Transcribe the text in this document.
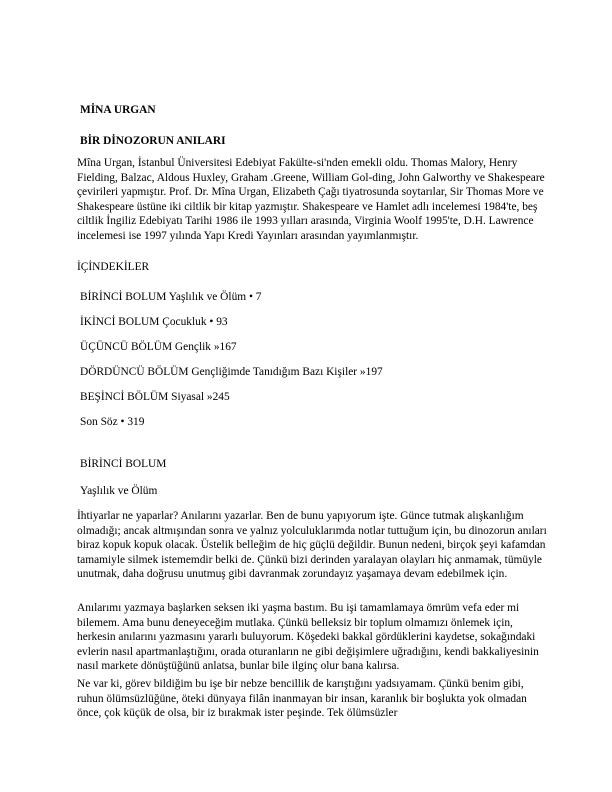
MİNA URGAN

BİR DİNOZORUN ANILARI

Mîna Urgan, İstanbul Üniversitesi Edebiyat Fakülte-si'nden emekli oldu. Thomas Malory, Henry Fielding, Balzac, Aldous Huxley, Graham .Greene, William Gol-ding, John Galworthy ve Shakespeare çevirileri yapmıştır. Prof. Dr. Mîna Urgan, Elizabeth Çağı tiyatrosunda soytarılar, Sir Thomas More ve Shakespeare üstüne iki ciltlik bir kitap yazmıştır. Shakespeare ve Hamlet adlı incelemesi 1984'te, beş ciltlik İngiliz Edebiyatı Tarihi 1986 ile 1993 yılları arasında, Virginia Woolf 1995'te, D.H. Lawrence incelemesi ise 1997 yılında Yapı Kredi Yayınları arasından yayımlanmıştır.

İÇİNDEKİLER

BİRİNCİ BOLUM Yaşlılık ve Ölüm • 7

İKİNCİ BOLUM Çocukluk • 93

ÜÇÜNCÜ BÖLÜM Gençlik »167

DÖRDÜNCÜ BÖLÜM Gençliğimde Tanıdığım Bazı Kişiler »197

BEŞİNCİ BÖLÜM Siyasal »245

Son Söz • 319

BİRİNCİ BOLUM

Yaşlılık ve Ölüm

İhtiyarlar ne yaparlar? Anılarını yazarlar. Ben de bunu yapıyorum işte. Günce tutmak alışkanlığım olmadığı; ancak altmışından sonra ve yalnız yolculuklarımda notlar tuttuğum için, bu dinozorun anıları biraz kopuk kopuk olacak. Üstelik belleğim de hiç güçlü değildir. Bunun nedeni, birçok şeyi kafamdan tamamiyle silmek istememdir belki de. Çünkü bizi derinden yaralayan olayları hiç anmamak, tümüyle unutmak, daha doğrusu unutmuş gibi davranmak zorundayız yaşamaya devam edebilmek için.

Anılarımı yazmaya başlarken seksen iki yaşma bastım. Bu işi tamamlamaya ömrüm vefa eder mi bilemem. Ama bunu deneyeceğim mutlaka. Çünkü belleksiz bir toplum olmamızı önlemek için, herkesin anılarını yazmasını yararlı buluyorum. Köşedeki bakkal gördüklerini kaydetse, sokağındaki evlerin nasıl apartmanlaştığını, orada oturanların ne gibi değişimlere uğradığını, kendi bakkaliyesinin nasıl markete dönüştüğünü anlatsa, bunlar bile ilginç olur bana kalırsa.

Ne var ki, görev bildiğim bu işe bir nebze bencillik de karıştığını yadsıyamam. Çünkü benim gibi, ruhun ölümsüzlüğüne, öteki dünyaya filân inanmayan bir insan, karanlık bir boşlukta yok olmadan önce, çok küçük de olsa, bir iz bırakmak ister peşinde. Tek ölümsüzler
